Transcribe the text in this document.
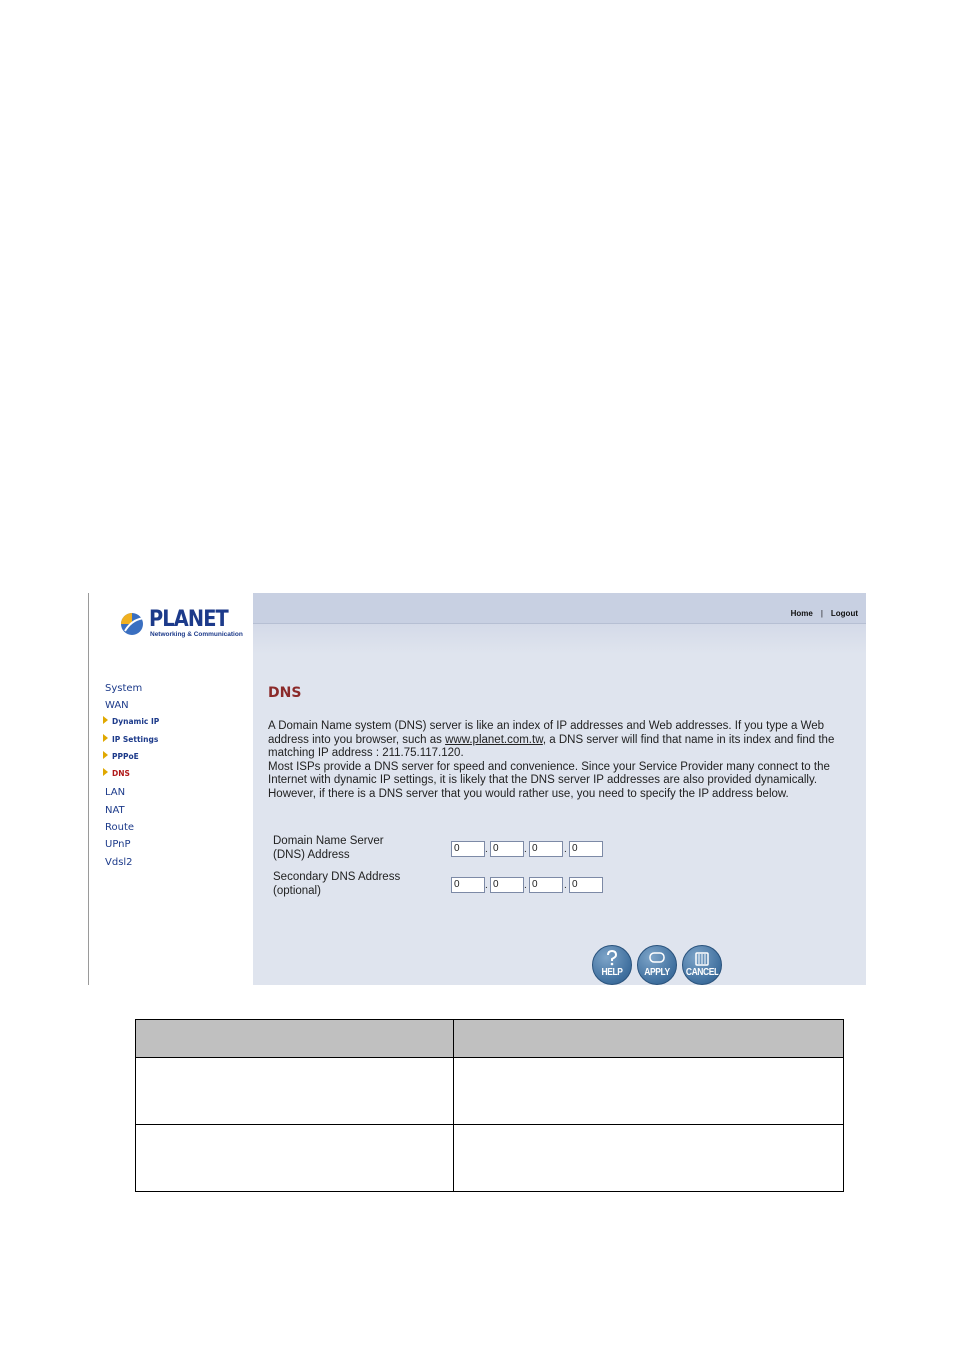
PLANET
Networking & Communication
System
WAN
Dynamic IP
IP Settings
PPPoE
DNS
LAN
NAT
Route
UPnP
Vdsl2
Home | Logout
DNS
A Domain Name system (DNS) server is like an index of IP addresses and Web addresses. If you type a Web address into you browser, such as www.planet.com.tw, a DNS server will find that name in its index and find the matching IP address : 211.75.117.120.
Most ISPs provide a DNS server for speed and convenience. Since your Service Provider many connect to the Internet with dynamic IP settings, it is likely that the DNS server IP addresses are also provided dynamically. However, if there is a DNS server that you would rather use, you need to specify the IP address below.
Domain Name Server
(DNS) Address	0	. 0	. 0	. 0
Secondary DNS Address
(optional)	0	. 0	. 0	. 0
HELP	APPLY	CANCEL
